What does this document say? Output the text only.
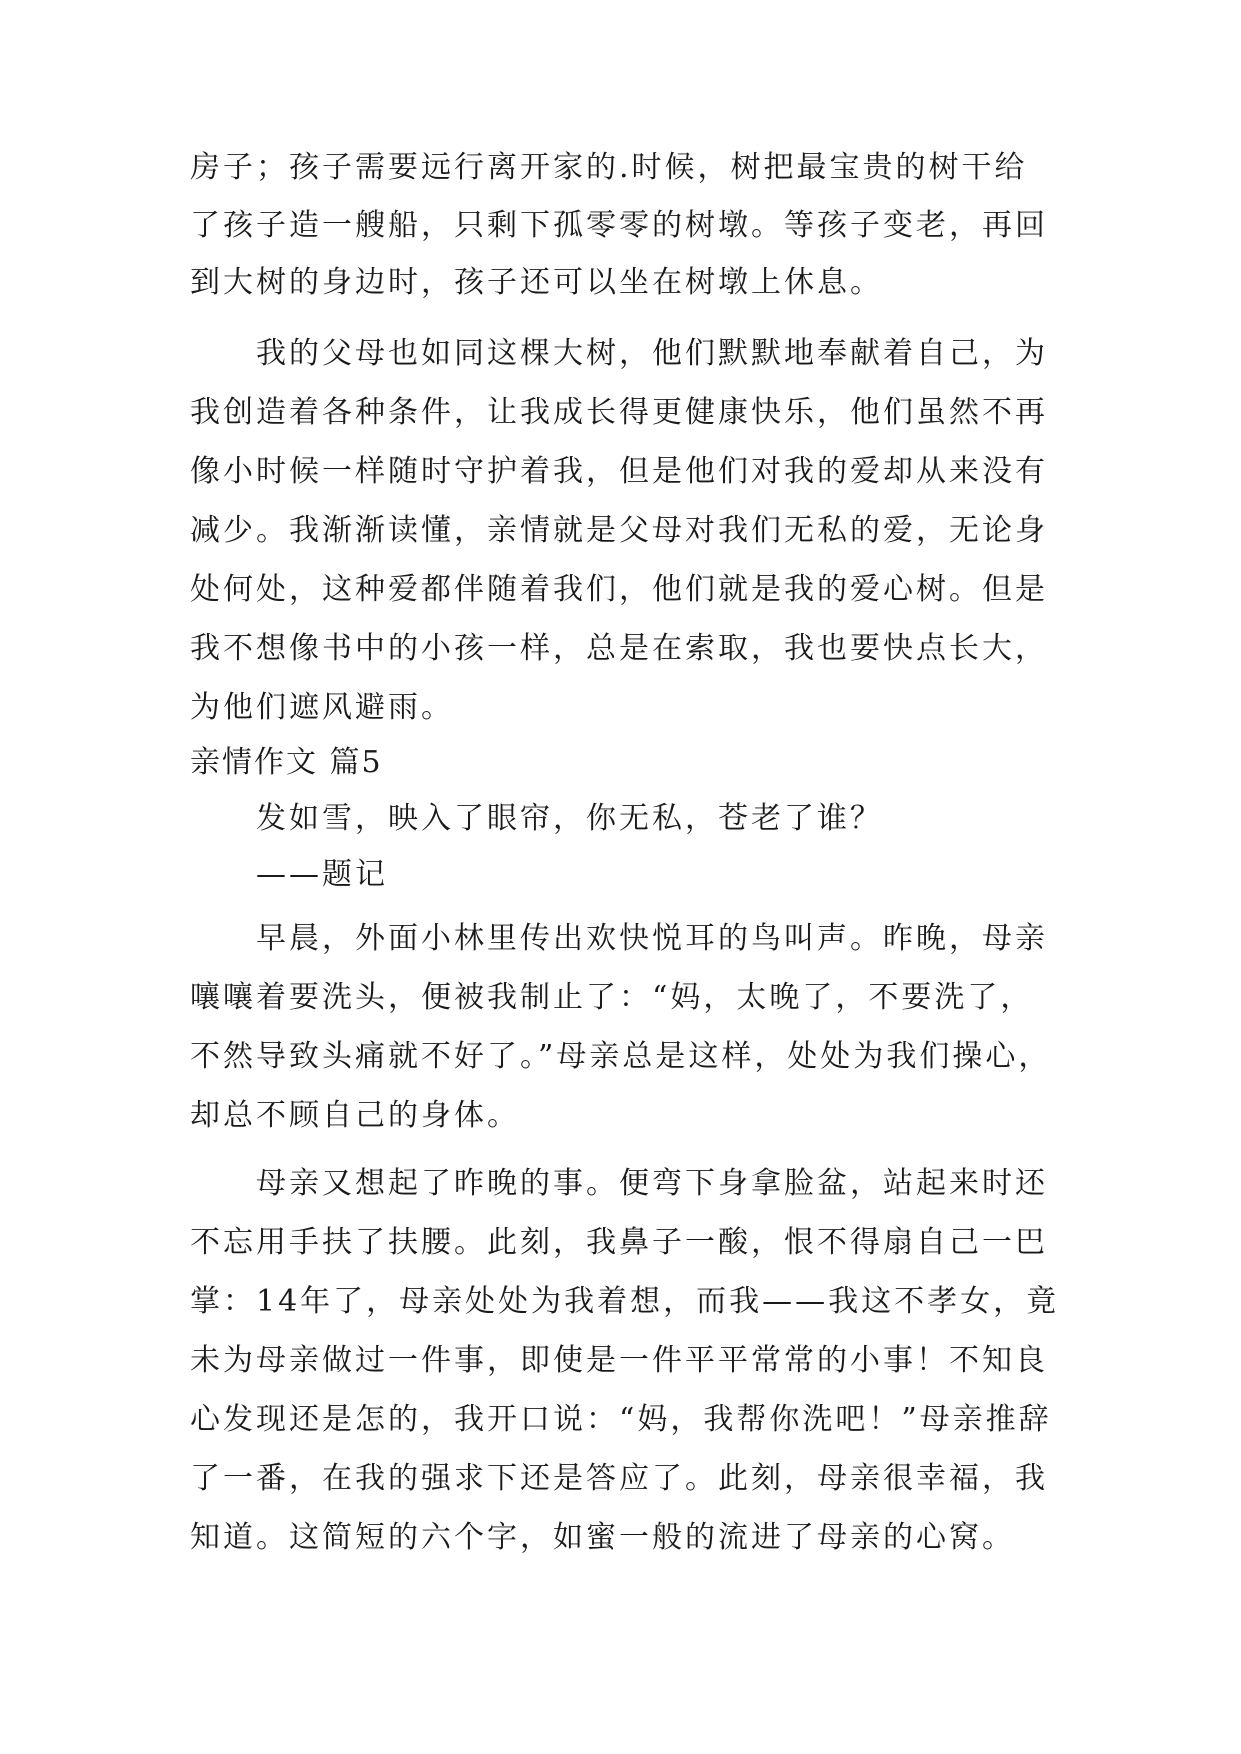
房子；孩子需要远行离开家的.时候，树把最宝贵的树干给
了孩子造一艘船，只剩下孤零零的树墩。等孩子变老，再回
到大树的身边时，孩子还可以坐在树墩上休息。
我的父母也如同这棵大树，他们默默地奉献着自己，为
我创造着各种条件，让我成长得更健康快乐，他们虽然不再
像小时候一样随时守护着我，但是他们对我的爱却从来没有
减少。我渐渐读懂，亲情就是父母对我们无私的爱，无论身
处何处，这种爱都伴随着我们，他们就是我的爱心树。但是
我不想像书中的小孩一样，总是在索取，我也要快点长大，
为他们遮风避雨。
亲情作文 篇5
发如雪，映入了眼帘，你无私，苍老了谁？
——题记
早晨，外面小林里传出欢快悦耳的鸟叫声。昨晚，母亲
嚷嚷着要洗头，便被我制止了：“妈，太晚了，不要洗了，
不然导致头痛就不好了。”母亲总是这样，处处为我们操心，
却总不顾自己的身体。
母亲又想起了昨晚的事。便弯下身拿脸盆，站起来时还
不忘用手扶了扶腰。此刻，我鼻子一酸，恨不得扇自己一巴
掌：14年了，母亲处处为我着想，而我——我这不孝女，竟
未为母亲做过一件事，即使是一件平平常常的小事！不知良
心发现还是怎的，我开口说：“妈，我帮你洗吧！”母亲推辞
了一番，在我的强求下还是答应了。此刻，母亲很幸福，我
知道。这简短的六个字，如蜜一般的流进了母亲的心窝。
